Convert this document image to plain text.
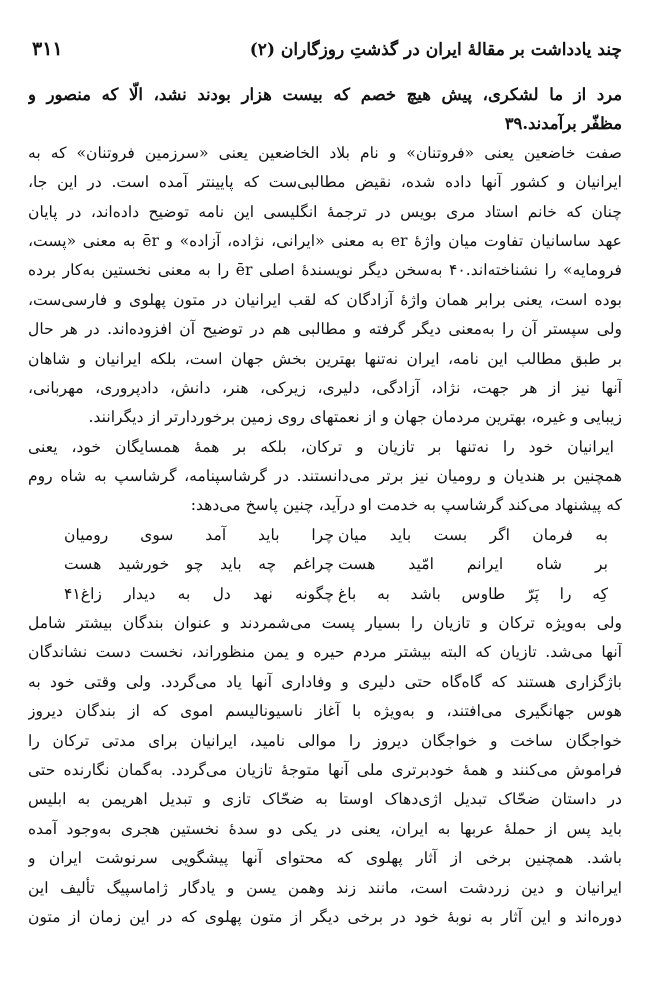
چند یادداشت بر مقالهٔ ایران در گذشتِ روزگاران (۲)
۳۱۱
مرد از ما لشکری، پیش هیچ خصم که بیست هزار بودند نشد، الّا که منصور و
مظفّر برآمدند.۳۹
صفت خاضعین یعنی «فروتنان» و نام بلاد الخاضعین یعنی «سرزمین فروتنان» که به
ایرانیان و کشور آنها داده شده، نقیض مطالبی‌ست که پایینتر آمده است. در این جا،
چنان که خانم استاد مری بویس در ترجمهٔ انگلیسی این نامه توضیح داده‌اند، در پایان
عهد ساسانیان تفاوت میان واژهٔ er به معنی «ایرانی، نژاده، آزاده» و ēr به معنی «پست،
فرومایه» را نشناخته‌اند.۴۰ به‌سخن دیگر نویسندهٔ اصلی ēr را به معنی نخستین به‌کار برده
بوده است، یعنی برابر همان واژهٔ آزادگان که لقب ایرانیان در متون پهلوی و فارسی‌ست،
ولی سپستر آن را به‌معنی دیگر گرفته و مطالبی هم در توضیح آن افزوده‌اند. در هر حال
بر طبق مطالب این نامه، ایران نه‌تنها بهترین بخش جهان است، بلکه ایرانیان و شاهان
آنها نیز از هر جهت، نژاد، آزادگی، دلیری، زیرکی، هنر، دانش، دادپروری، مهربانی،
زیبایی و غیره، بهترین مردمان جهان و از نعمتهای روی زمین برخوردارتر از دیگرانند.
ایرانیان خود را نه‌تنها بر تازیان و ترکان، بلکه بر همهٔ همسایگان خود، یعنی
همچنین بر هندیان و رومیان نیز برتر می‌دانستند. در گرشاسپنامه، گرشاسپ به شاه روم
که پیشنهاد می‌کند گرشاسپ به خدمت او درآید، چنین پاسخ می‌دهد:
به فرمان اگر بست باید میان
چرا باید آمد سوی رومیان
بر شاه ایرانم امّید هست
چراغم چه باید چو خورشید هست
کِه را پَرّ طاوس باشد به باغ
چگونه نهد دل به دیدار زاغ۴۱
ولی به‌ویژه ترکان و تازیان را بسیار پست می‌شمردند و عنوان بندگان بیشتر شامل
آنها می‌شد. تازیان که البته بیشتر مردم حیره و یمن منظوراند، نخست دست نشاندگان
باژگزاری هستند که گاه‌گاه حتی دلیری و وفاداری آنها یاد می‌گردد. ولی وقتی خود به
هوس جهانگیری می‌افتند، و به‌ویژه با آغاز ناسیونالیسم اموی که از بندگان دیروز
خواجگان ساخت و خواجگان دیروز را موالی نامید، ایرانیان برای مدتی ترکان را
فراموش می‌کنند و همهٔ خودبرتری ملی آنها متوجهٔ تازیان می‌گردد. به‌گمان نگارنده حتی
در داستان ضحّاک تبدیل اژی‌دهاک اوستا به ضحّاک تازی و تبدیل اهریمن به ابلیس
باید پس از حملهٔ عربها به ایران، یعنی در یکی دو سدهٔ نخستین هجری به‌وجود آمده
باشد. همچنین برخی از آثار پهلوی که محتوای آنها پیشگویی سرنوشت ایران و
ایرانیان و دین زردشت است، مانند زند وهمن یسن و یادگار ژاماسپیگ تألیف این
دوره‌اند و این آثار به نوبهٔ خود در برخی دیگر از متون پهلوی که در این زمان از متون
